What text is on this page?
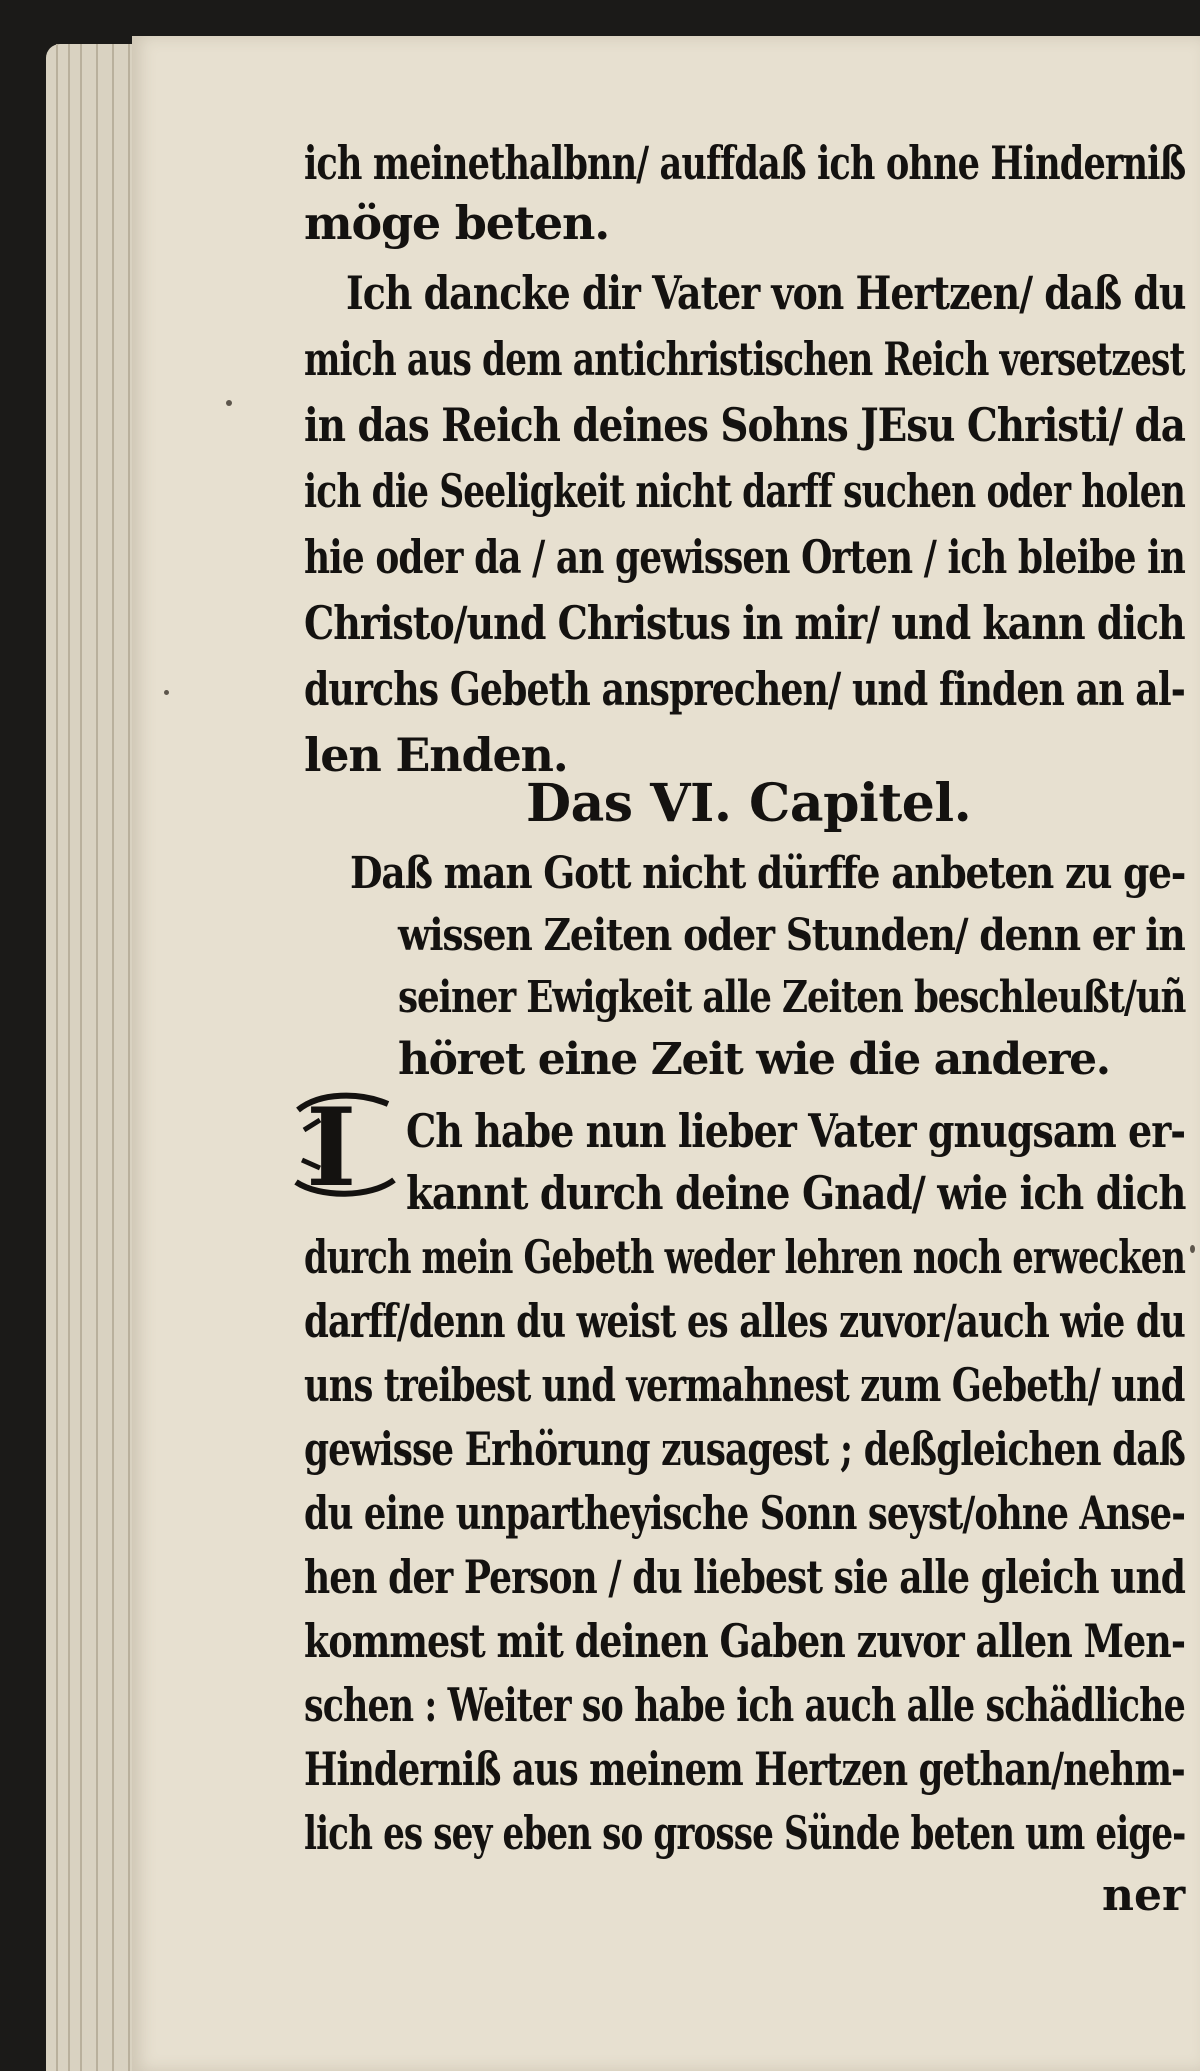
ich meinethalbnn/ auffdaß ich ohne Hinderniß
möge beten.
Ich dancke dir Vater von Hertzen/ daß du
mich aus dem antichristischen Reich versetzest
in das Reich deines Sohns JEsu Christi/ da
ich die Seeligkeit nicht darff suchen oder holen
hie oder da / an gewissen Orten / ich bleibe in
Christo/und Christus in mir/ und kann dich
durchs Gebeth ansprechen/ und finden an al-
len Enden.
Das VI. Capitel.
Daß man Gott nicht dürffe anbeten zu ge-
wissen Zeiten oder Stunden/ denn er in
seiner Ewigkeit alle Zeiten beschleußt/uñ
höret eine Zeit wie die andere.
I Ch habe nun lieber Vater gnugsam er-
kannt durch deine Gnad/ wie ich dich
durch mein Gebeth weder lehren noch erwecken
darff/denn du weist es alles zuvor/auch wie du
uns treibest und vermahnest zum Gebeth/ und
gewisse Erhörung zusagest ; deßgleichen daß
du eine unpartheyische Sonn seyst/ohne Anse-
hen der Person / du liebest sie alle gleich und
kommest mit deinen Gaben zuvor allen Men-
schen : Weiter so habe ich auch alle schädliche
Hinderniß aus meinem Hertzen gethan/nehm-
lich es sey eben so grosse Sünde beten um eige-
ner
